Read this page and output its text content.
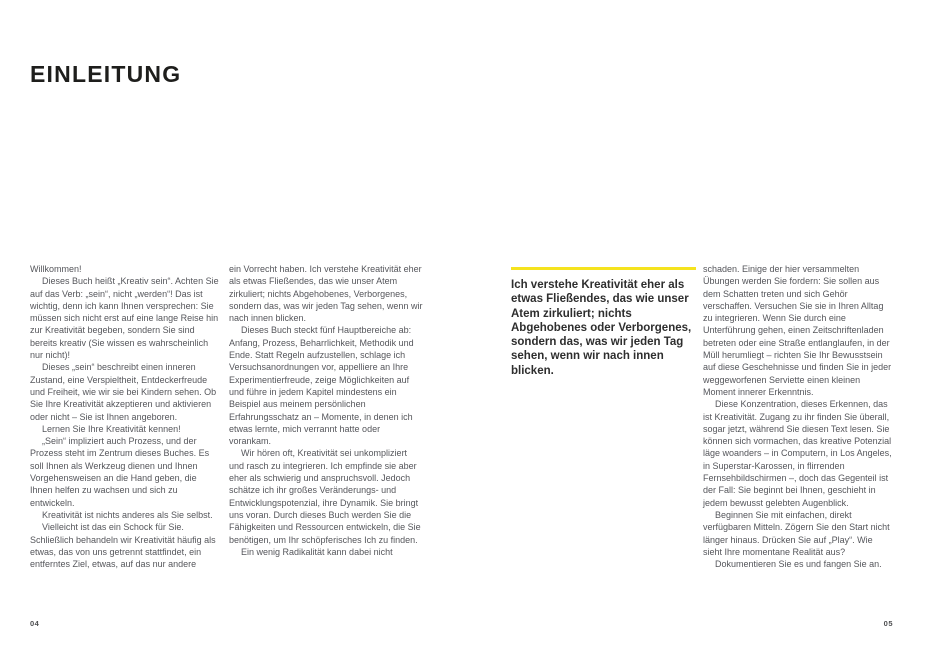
EINLEITUNG

Willkommen!

Dieses Buch heißt „Kreativ sein“. Achten Sie auf das Verb: „sein“, nicht „werden“! Das ist wichtig, denn ich kann Ihnen versprechen: Sie müssen sich nicht erst auf eine lange Reise hin zur Kreativität begeben, sondern Sie sind bereits kreativ (Sie wissen es wahrscheinlich nur nicht)!

Dieses „sein“ beschreibt einen inneren Zustand, eine Verspieltheit, Entdeckerfreude und Freiheit, wie wir sie bei Kindern sehen. Ob Sie Ihre Kreativität akzeptieren und aktivieren oder nicht – Sie ist Ihnen angeboren.

Lernen Sie Ihre Kreativität kennen!

„Sein“ impliziert auch Prozess, und der Prozess steht im Zentrum dieses Buches. Es soll Ihnen als Werkzeug dienen und Ihnen Vorgehensweisen an die Hand geben, die Ihnen helfen zu wachsen und sich zu entwickeln.

Kreativität ist nichts anderes als Sie selbst.

Vielleicht ist das ein Schock für Sie. Schließlich behandeln wir Kreativität häufig als etwas, das von uns getrennt stattfindet, ein entferntes Ziel, etwas, auf das nur andere

ein Vorrecht haben. Ich verstehe Kreativität eher als etwas Fließendes, das wie unser Atem zirkuliert; nichts Abgehobenes, Verborgenes, sondern das, was wir jeden Tag sehen, wenn wir nach innen blicken.

Dieses Buch steckt fünf Hauptbereiche ab: Anfang, Prozess, Beharrlichkeit, Methodik und Ende. Statt Regeln aufzustellen, schlage ich Versuchsanordnungen vor, appelliere an Ihre Experimentierfreude, zeige Möglichkeiten auf und führe in jedem Kapitel mindestens ein Beispiel aus meinem persönlichen Erfahrungsschatz an – Momente, in denen ich etwas lernte, mich verrannt hatte oder vorankam.

Wir hören oft, Kreativität sei unkompliziert und rasch zu integrieren. Ich empfinde sie aber eher als schwierig und anspruchsvoll. Jedoch schätze ich ihr großes Veränderungs- und Entwicklungspotenzial, ihre Dynamik. Sie bringt uns voran. Durch dieses Buch werden Sie die Fähigkeiten und Ressourcen entwickeln, die Sie benötigen, um Ihr schöpferisches Ich zu finden.

Ein wenig Radikalität kann dabei nicht

Ich verstehe Kreativität eher als etwas Fließendes, das wie unser Atem zirkuliert; nichts Abgehobenes oder Verborgenes, sondern das, was wir jeden Tag sehen, wenn wir nach innen blicken.

schaden. Einige der hier versammelten Übungen werden Sie fordern: Sie sollen aus dem Schatten treten und sich Gehör verschaffen. Versuchen Sie sie in Ihren Alltag zu integrieren. Wenn Sie durch eine Unterführung gehen, einen Zeitschriftenladen betreten oder eine Straße entlanglaufen, in der Müll herumliegt – richten Sie Ihr Bewusstsein auf diese Geschehnisse und finden Sie in jeder weggeworfenen Serviette einen kleinen Moment innerer Erkenntnis.

Diese Konzentration, dieses Erkennen, das ist Kreativität. Zugang zu ihr finden Sie überall, sogar jetzt, während Sie diesen Text lesen. Sie können sich vormachen, das kreative Potenzial läge woanders – in Computern, in Los Angeles, in Superstar-Karossen, in flirrenden Fernsehbildschirmen –, doch das Gegenteil ist der Fall: Sie beginnt bei Ihnen, geschieht in jedem bewusst gelebten Augenblick.

Beginnen Sie mit einfachen, direkt verfügbaren Mitteln. Zögern Sie den Start nicht länger hinaus. Drücken Sie auf „Play“. Wie sieht Ihre momentane Realität aus?

Dokumentieren Sie es und fangen Sie an.

04	05
